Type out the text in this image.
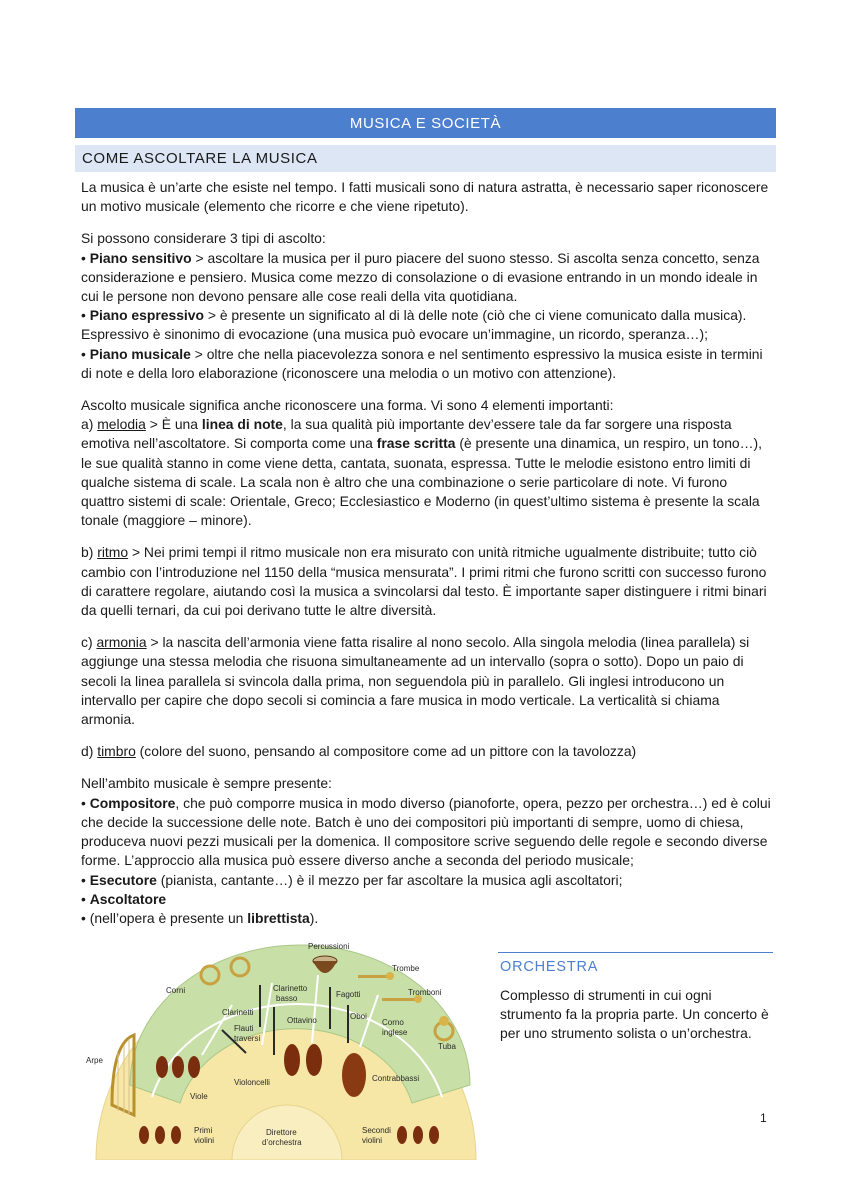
MUSICA E SOCIETÀ
COME ASCOLTARE LA MUSICA

La musica è un’arte che esiste nel tempo. I fatti musicali sono di natura astratta, è necessario saper riconoscere un motivo musicale (elemento che ricorre e che viene ripetuto).

Si possono considerare 3 tipi di ascolto:
• Piano sensitivo > ascoltare la musica per il puro piacere del suono stesso. Si ascolta senza concetto, senza considerazione e pensiero. Musica come mezzo di consolazione o di evasione entrando in un mondo ideale in cui le persone non devono pensare alle cose reali della vita quotidiana.
• Piano espressivo > è presente un significato al di là delle note (ciò che ci viene comunicato dalla musica). Espressivo è sinonimo di evocazione (una musica può evocare un’immagine, un ricordo, speranza…);
• Piano musicale > oltre che nella piacevolezza sonora e nel sentimento espressivo la musica esiste in termini di note e della loro elaborazione (riconoscere una melodia o un motivo con attenzione).

Ascolto musicale significa anche riconoscere una forma. Vi sono 4 elementi importanti:
a) melodia > È una linea di note, la sua qualità più importante dev’essere tale da far sorgere una risposta emotiva nell’ascoltatore. Si comporta come una frase scritta (è presente una dinamica, un respiro, un tono…), le sue qualità stanno in come viene detta, cantata, suonata, espressa. Tutte le melodie esistono entro limiti di qualche sistema di scale. La scala non è altro che una combinazione o serie particolare di note. Vi furono quattro sistemi di scale: Orientale, Greco; Ecclesiastico e Moderno (in quest’ultimo sistema è presente la scala tonale (maggiore – minore).

b) ritmo > Nei primi tempi il ritmo musicale non era misurato con unità ritmiche ugualmente distribuite; tutto ciò cambio con l’introduzione nel 1150 della “musica mensurata”. I primi ritmi che furono scritti con successo furono di carattere regolare, aiutando così la musica a svincolarsi dal testo. È importante saper distinguere i ritmi binari da quelli ternari, da cui poi derivano tutte le altre diversità.

c) armonia > la nascita dell’armonia viene fatta risalire al nono secolo. Alla singola melodia (linea parallela) si aggiunge una stessa melodia che risuona simultaneamente ad un intervallo (sopra o sotto). Dopo un paio di secoli la linea parallela si svincola dalla prima, non seguendola più in parallelo. Gli inglesi introducono un intervallo per capire che dopo secoli si comincia a fare musica in modo verticale. La verticalità si chiama armonia.

d) timbro (colore del suono, pensando al compositore come ad un pittore con la tavolozza)

Nell’ambito musicale è sempre presente:
• Compositore, che può comporre musica in modo diverso (pianoforte, opera, pezzo per orchestra…) ed è colui che decide la successione delle note. Batch è uno dei compositori più importanti di sempre, uomo di chiesa, produceva nuovi pezzi musicali per la domenica. Il compositore scrive seguendo delle regole e secondo diverse forme. L’approccio alla musica può essere diverso anche a seconda del periodo musicale;
• Esecutore (pianista, cantante…) è il mezzo per far ascoltare la musica agli ascoltatori;
• Ascoltatore
• (nell’opera è presente un librettista).

Percussioni
Trombe
Tromboni
Tuba
Corni	Clarinetto
basso	Fagotti
Clarinetti
Flauti
traversi
Ottavino	Oboi
Corno
inglese
Arpe
Contrabbassi
Violoncelli
Viole
Primi
violini
Direttore
d’orchestra
Secondi
violini
ORCHESTRA
Complesso di strumenti in cui ogni strumento fa la propria parte. Un concerto è per uno strumento solista o un’orchestra.
1
